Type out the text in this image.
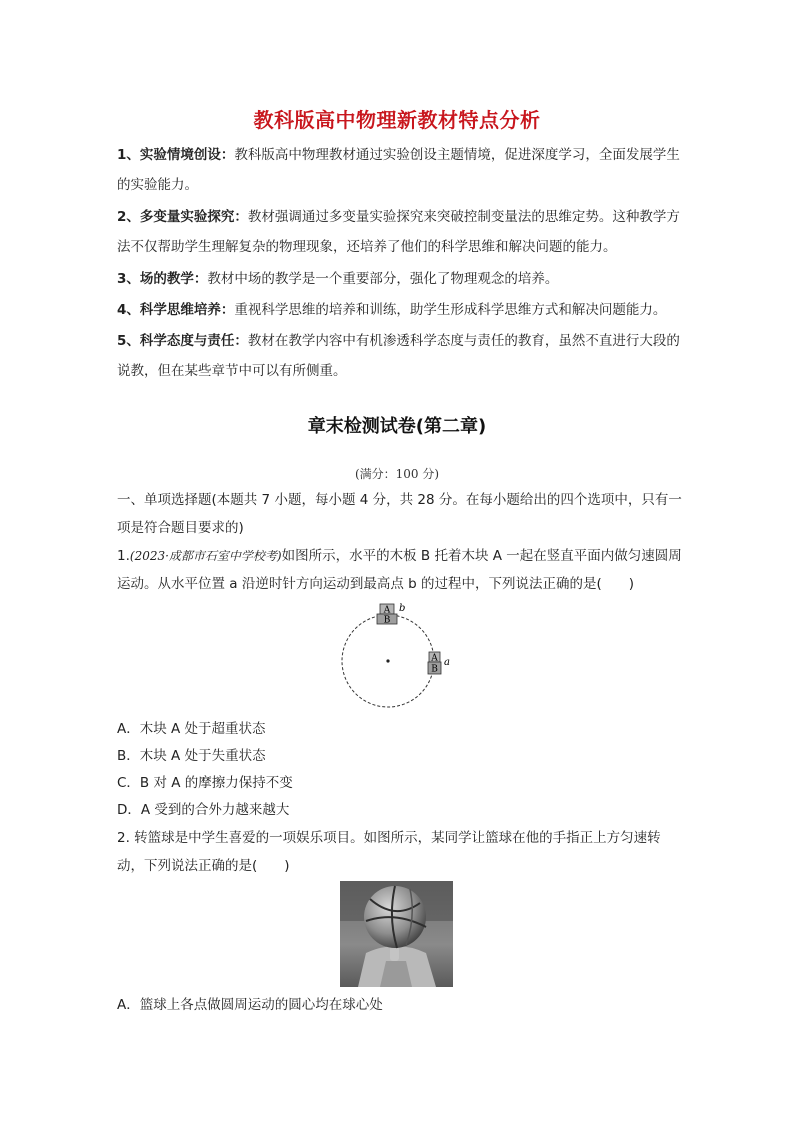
教科版高中物理新教材特点分析
1、实验情境创设：教科版高中物理教材通过实验创设主题情境，促进深度学习，全面发展学生的实验能力。
2、多变量实验探究：教材强调通过多变量实验探究来突破控制变量法的思维定势。这种教学方法不仅帮助学生理解复杂的物理现象，还培养了他们的科学思维和解决问题的能力。
3、场的教学：教材中场的教学是一个重要部分，强化了物理观念的培养。
4、科学思维培养：重视科学思维的培养和训练，助学生形成科学思维方式和解决问题能力。
5、科学态度与责任：教材在教学内容中有机渗透科学态度与责任的教育，虽然不直进行大段的说教，但在某些章节中可以有所侧重。
章末检测试卷(第二章)
(满分：100 分)
一、单项选择题(本题共 7 小题，每小题 4 分，共 28 分。在每小题给出的四个选项中，只有一项是符合题目要求的)
1.(2023·成都市石室中学校考)如图所示，水平的木板 B 托着木块 A 一起在竖直平面内做匀速圆周运动。从水平位置 a 沿逆时针方向运动到最高点 b 的过程中，下列说法正确的是(　　)
A
B
b
A
B
a
A．木块 A 处于超重状态
B．木块 A 处于失重状态
C．B 对 A 的摩擦力保持不变
D．A 受到的合外力越来越大
2. 转篮球是中学生喜爱的一项娱乐项目。如图所示，某同学让篮球在他的手指正上方匀速转动，下列说法正确的是(　　)
A．篮球上各点做圆周运动的圆心均在球心处
